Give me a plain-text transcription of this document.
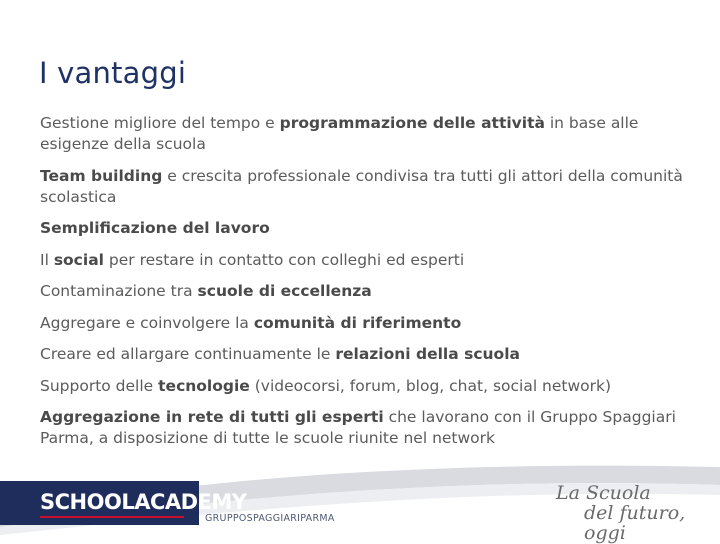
I vantaggi
Gestione migliore del tempo e programmazione delle attività in base alle esigenze della scuola
Team building e crescita professionale condivisa tra tutti gli attori della comunità scolastica
Semplificazione del lavoro
Il social per restare in contatto con colleghi ed esperti
Contaminazione tra scuole di eccellenza
Aggregare e coinvolgere la comunità di riferimento
Creare ed allargare continuamente le relazioni della scuola
Supporto delle tecnologie (videocorsi, forum, blog, chat, social network)
Aggregazione in rete di tutti gli esperti che lavorano con il Gruppo Spaggiari Parma, a disposizione di tutte le scuole riunite nel network
SCHOOLACADEMY
GRUPPOSPAGGIARIPARMA
La Scuola
del futuro, oggi
